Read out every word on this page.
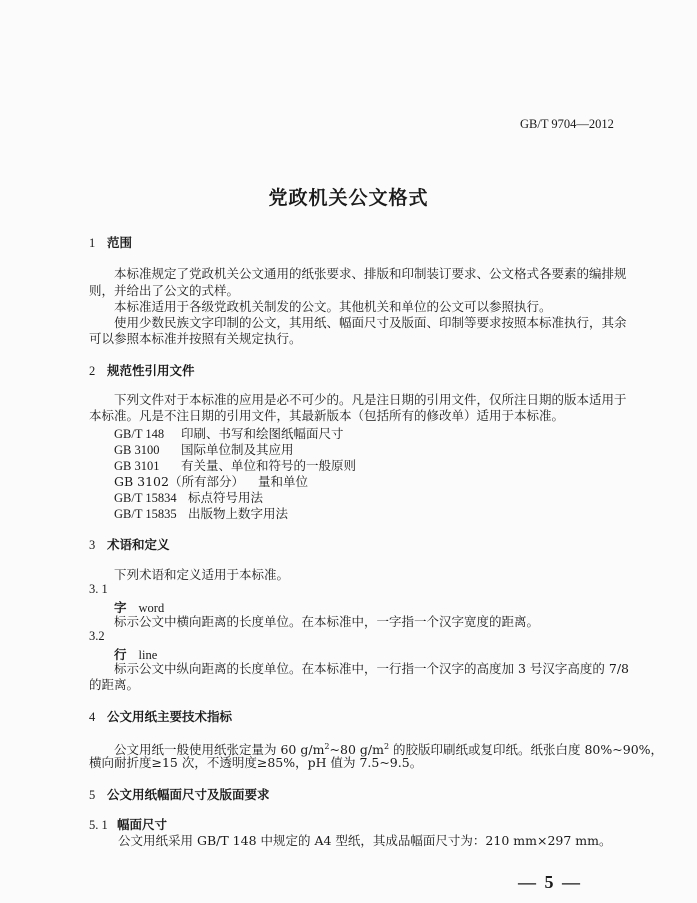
GB/T 9704—2012
党政机关公文格式
1 范围
本标准规定了党政机关公文通用的纸张要求、排版和印制装订要求、公文格式各要素的编排规
则，并给出了公文的式样。
本标准适用于各级党政机关制发的公文。其他机关和单位的公文可以参照执行。
使用少数民族文字印制的公文，其用纸、幅面尺寸及版面、印制等要求按照本标准执行，其余
可以参照本标准并按照有关规定执行。
2 规范性引用文件
下列文件对于本标准的应用是必不可少的。凡是注日期的引用文件，仅所注日期的版本适用于
本标准。凡是不注日期的引用文件，其最新版本（包括所有的修改单）适用于本标准。
GB/T 148 印刷、书写和绘图纸幅面尺寸
GB 3100 国际单位制及其应用
GB 3101 有关量、单位和符号的一般原则
GB 3102（所有部分） 量和单位
GB/T 15834 标点符号用法
GB/T 15835 出版物上数字用法
3 术语和定义
下列术语和定义适用于本标准。
3. 1
字 word
标示公文中横向距离的长度单位。在本标准中，一字指一个汉字宽度的距离。
3.2
行 line
标示公文中纵向距离的长度单位。在本标准中，一行指一个汉字的高度加 3 号汉字高度的 7/8
的距离。
4 公文用纸主要技术指标
公文用纸一般使用纸张定量为 60 $g/m^2\sim 80$ $g/m^2$ 的胶版印刷纸或复印纸。纸张白度 80%~90%，
横向耐折度≥15 次，不透明度≥85%，pH 值为 7.5~9.5。
5 公文用纸幅面尺寸及版面要求
5. 1 幅面尺寸
公文用纸采用 GB/T 148 中规定的 A4 型纸，其成品幅面尺寸为：210 mm×297 mm。
— 5 —
